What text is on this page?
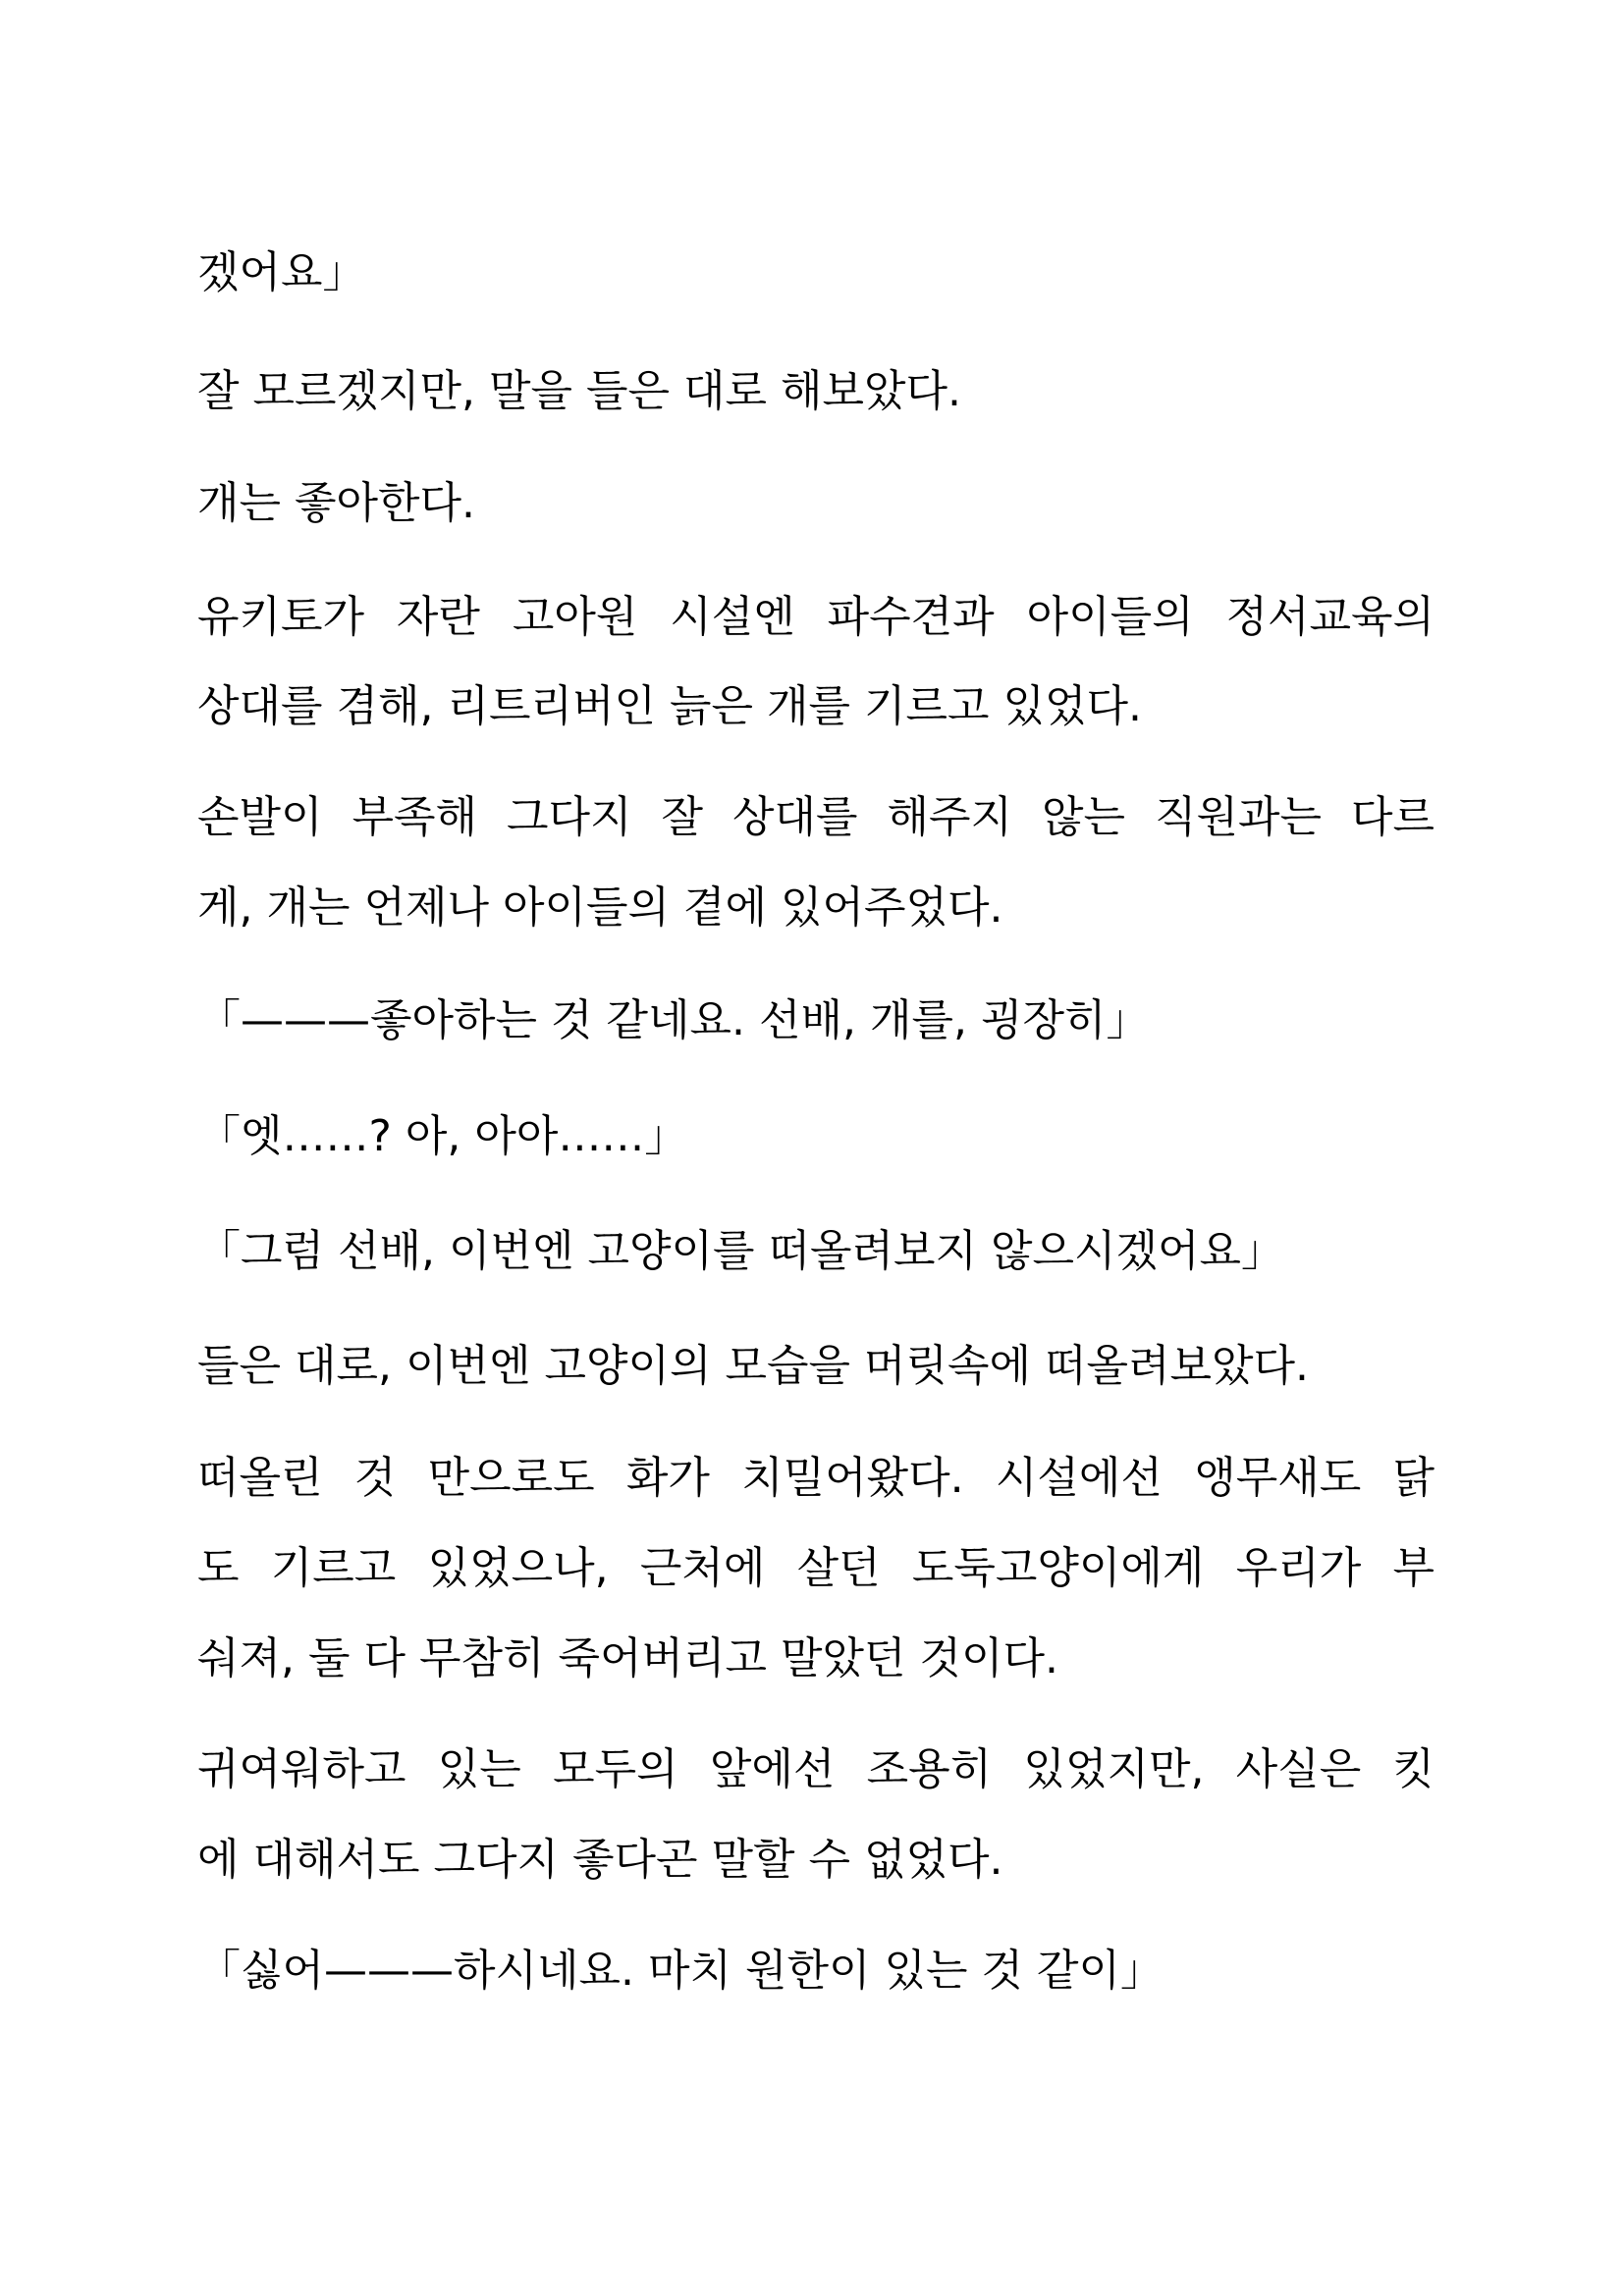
겠어요」
잘 모르겠지만, 말을 들은 대로 해보았다.
개는 좋아한다.
유키토가 자란 고아원 시설엔 파수견과 아이들의 정서교육의
상대를 겸해, 리트리버인 늙은 개를 기르고 있었다.
손발이 부족해 그다지 잘 상대를 해주지 않는 직원과는 다르
게, 개는 언제나 아이들의 곁에 있어주었다.
「———좋아하는 것 같네요. 선배, 개를, 굉장히」
「엣……? 아, 아아……」
「그럼 선배, 이번엔 고양이를 떠올려보지 않으시겠어요」
들은 대로, 이번엔 고양이의 모습을 머릿속에 떠올려보았다.
떠올린 것 만으로도 화가 치밀어왔다. 시설에선 앵무새도 닭
도 기르고 있었으나, 근처에 살던 도둑고양이에게 우리가 부
숴져, 둘 다 무참히 죽어버리고 말았던 것이다.
귀여워하고 있는 모두의 앞에선 조용히 있었지만, 사실은 킷
에 대해서도 그다지 좋다곤 말할 수 없었다.
「싫어———하시네요. 마치 원한이 있는 것 같이」
